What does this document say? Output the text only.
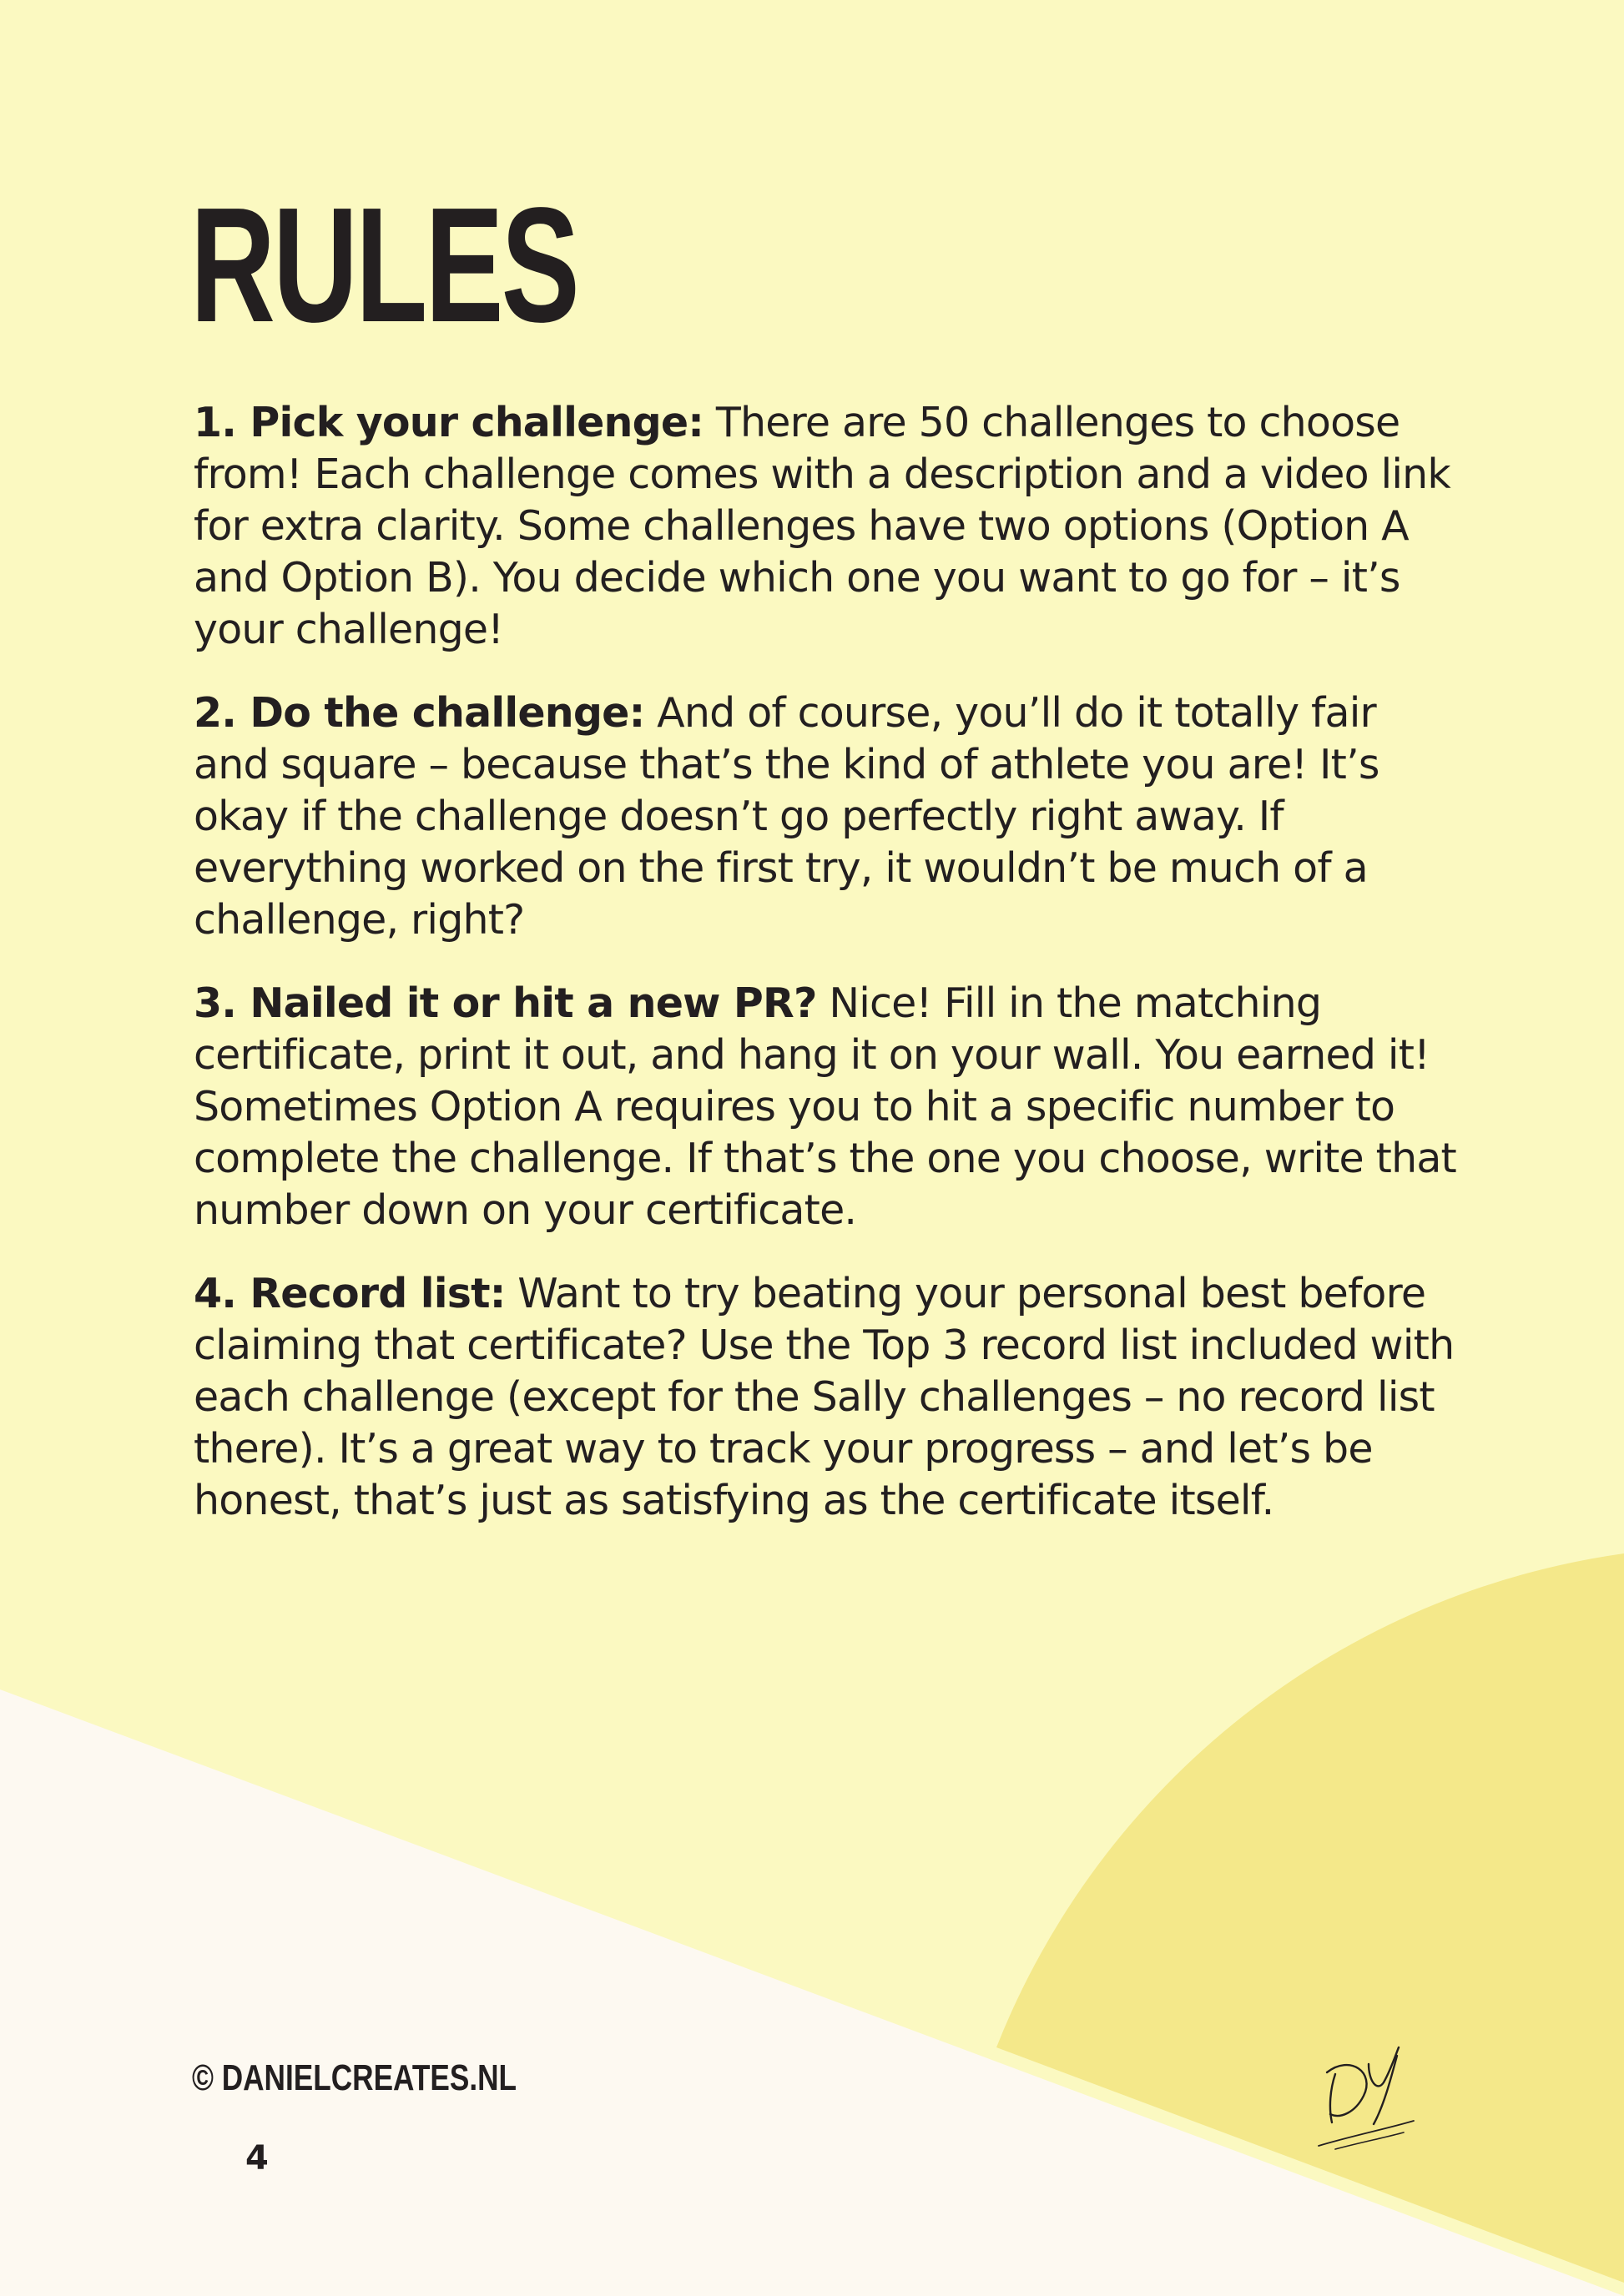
RULES

1. Pick your challenge: There are 50 challenges to choose from! Each challenge comes with a description and a video link for extra clarity. Some challenges have two options (Option A and Option B). You decide which one you want to go for – it’s your challenge!

2. Do the challenge: And of course, you’ll do it totally fair and square – because that’s the kind of athlete you are! It’s okay if the challenge doesn’t go perfectly right away. If everything worked on the first try, it wouldn’t be much of a challenge, right?

3. Nailed it or hit a new PR? Nice! Fill in the matching certificate, print it out, and hang it on your wall. You earned it! Sometimes Option A requires you to hit a specific number to complete the challenge. If that’s the one you choose, write that number down on your certificate.

4. Record list: Want to try beating your personal best before claiming that certificate? Use the Top 3 record list included with each challenge (except for the Sally challenges – no record list there). It’s a great way to track your progress – and let’s be honest, that’s just as satisfying as the certificate itself.

© DANIELCREATES.NL
4
